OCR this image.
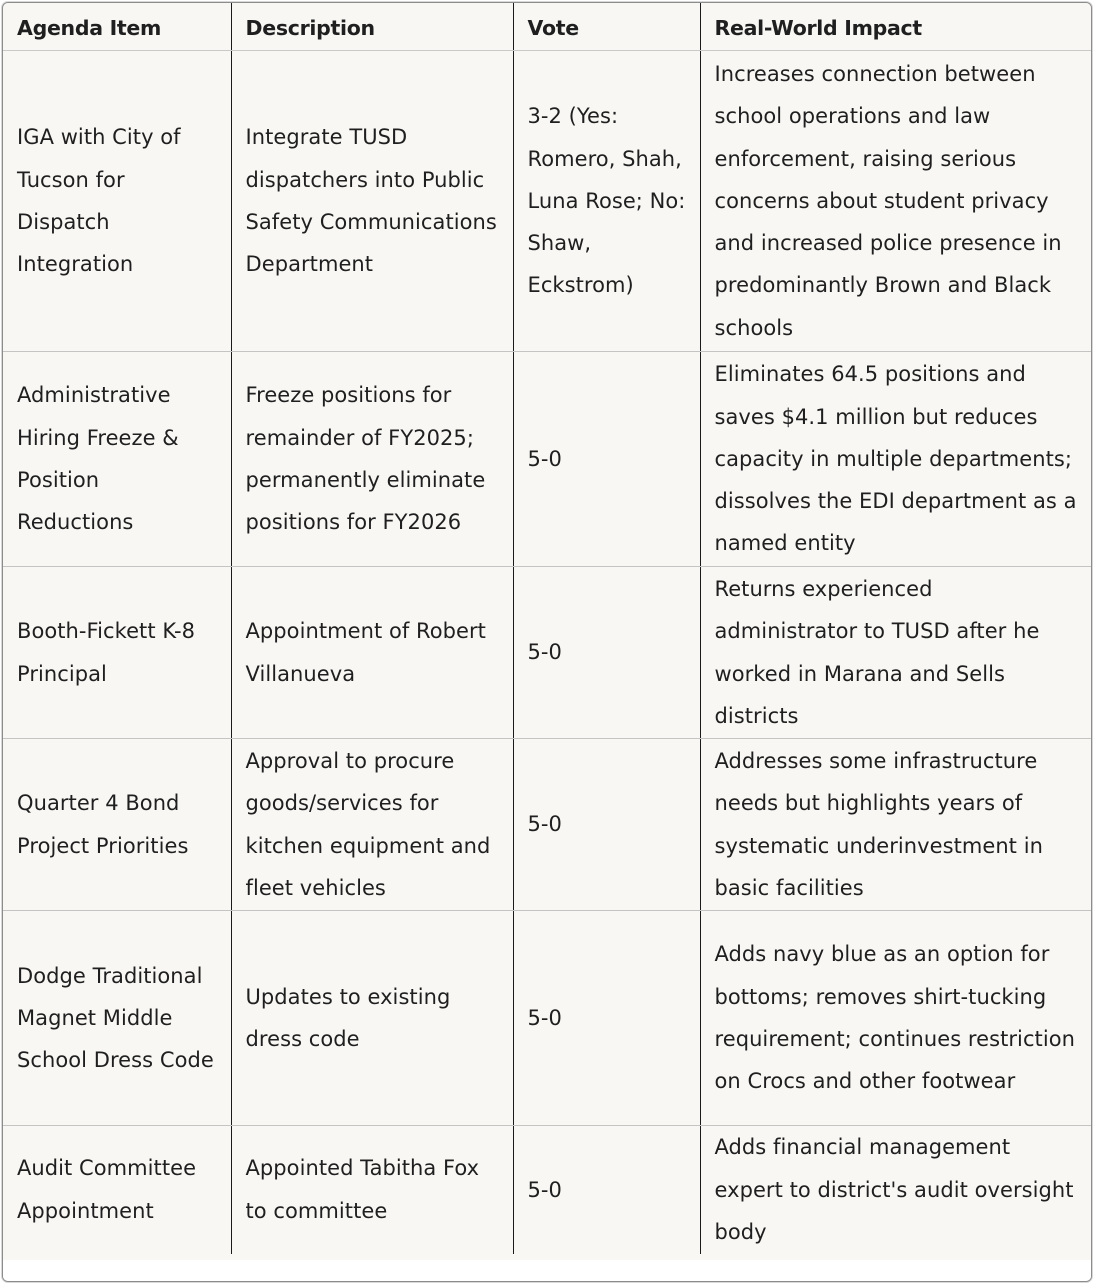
Agenda Item	Description	Vote	Real-World Impact
IGA with City of Tucson for Dispatch Integration	Integrate TUSD dispatchers into Public Safety Communications Department	3-2 (Yes: Romero, Shah, Luna Rose; No: Shaw, Eckstrom)	Increases connection between school operations and law enforcement, raising serious concerns about student privacy and increased police presence in predominantly Brown and Black schools
Administrative Hiring Freeze & Position Reductions	Freeze positions for remainder of FY2025; permanently eliminate positions for FY2026	5-0	Eliminates 64.5 positions and saves $4.1 million but reduces capacity in multiple departments; dissolves the EDI department as a named entity
Booth-Fickett K-8 Principal	Appointment of Robert Villanueva	5-0	Returns experienced administrator to TUSD after he worked in Marana and Sells districts
Quarter 4 Bond Project Priorities	Approval to procure goods/services for kitchen equipment and fleet vehicles	5-0	Addresses some infrastructure needs but highlights years of systematic underinvestment in basic facilities
Dodge Traditional Magnet Middle School Dress Code	Updates to existing dress code	5-0	Adds navy blue as an option for bottoms; removes shirt-tucking requirement; continues restriction on Crocs and other footwear
Audit Committee Appointment	Appointed Tabitha Fox to committee	5-0	Adds financial management expert to district's audit oversight body
